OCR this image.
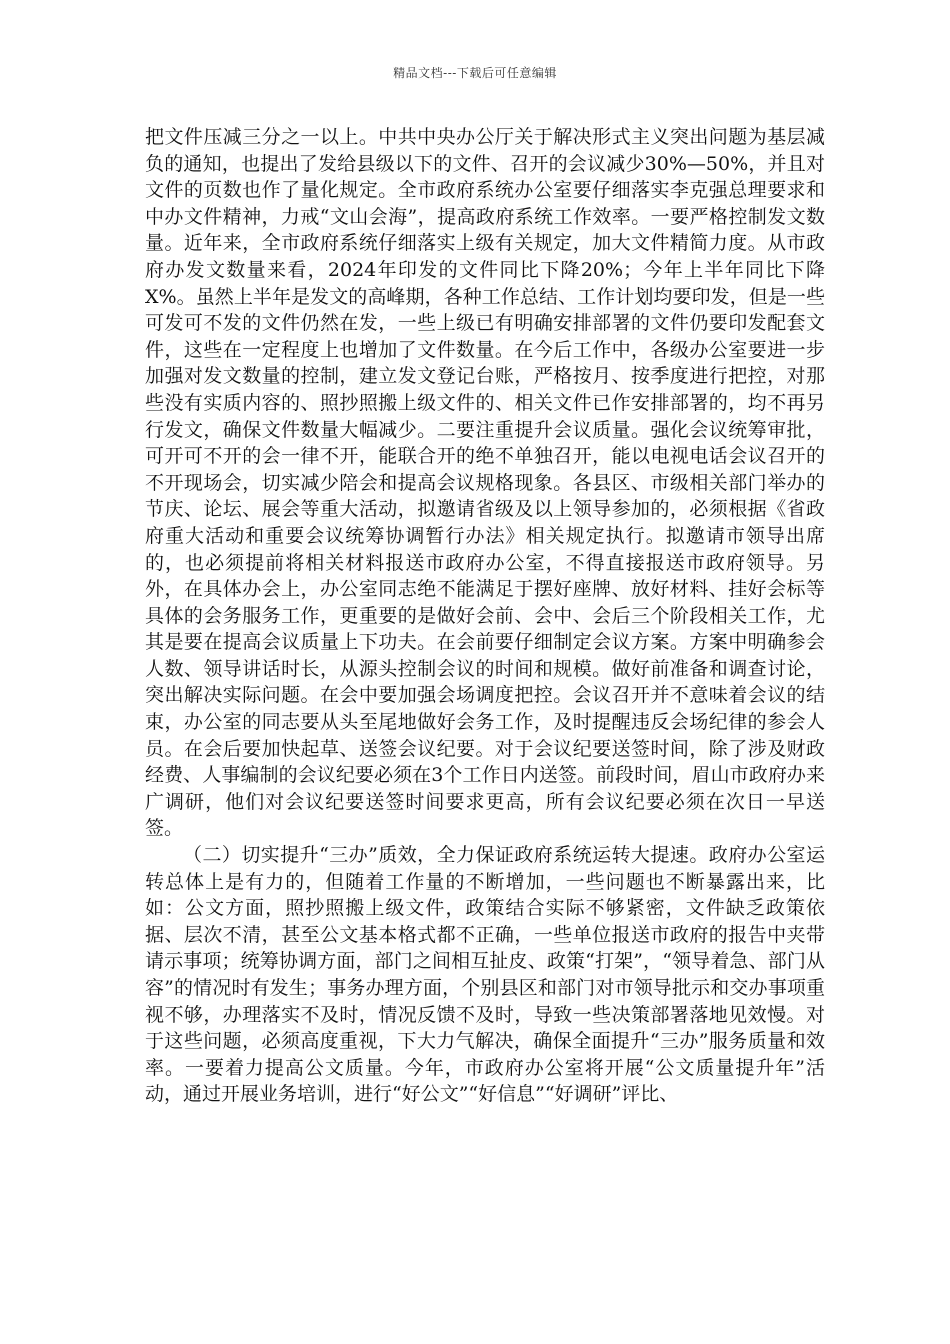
精品文档---下载后可任意编辑

把文件压减三分之一以上。中共中央办公厅关于解决形式主义突出问题为基层减负的通知，也提出了发给县级以下的文件、召开的会议减少30%—50%，并且对文件的页数也作了量化规定。全市政府系统办公室要仔细落实李克强总理要求和中办文件精神，力戒“文山会海”，提高政府系统工作效率。一要严格控制发文数量。近年来，全市政府系统仔细落实上级有关规定，加大文件精简力度。从市政府办发文数量来看，2024年印发的文件同比下降20%；今年上半年同比下降X%。虽然上半年是发文的高峰期，各种工作总结、工作计划均要印发，但是一些可发可不发的文件仍然在发，一些上级已有明确安排部署的文件仍要印发配套文件，这些在一定程度上也增加了文件数量。在今后工作中，各级办公室要进一步加强对发文数量的控制，建立发文登记台账，严格按月、按季度进行把控，对那些没有实质内容的、照抄照搬上级文件的、相关文件已作安排部署的，均不再另行发文，确保文件数量大幅减少。二要注重提升会议质量。强化会议统筹审批，可开可不开的会一律不开，能联合开的绝不单独召开，能以电视电话会议召开的不开现场会，切实减少陪会和提高会议规格现象。各县区、市级相关部门举办的节庆、论坛、展会等重大活动，拟邀请省级及以上领导参加的，必须根据《省政府重大活动和重要会议统筹协调暂行办法》相关规定执行。拟邀请市领导出席的，也必须提前将相关材料报送市政府办公室，不得直接报送市政府领导。另外，在具体办会上，办公室同志绝不能满足于摆好座牌、放好材料、挂好会标等具体的会务服务工作，更重要的是做好会前、会中、会后三个阶段相关工作，尤其是要在提高会议质量上下功夫。在会前要仔细制定会议方案。方案中明确参会人数、领导讲话时长，从源头控制会议的时间和规模。做好前准备和调查讨论，突出解决实际问题。在会中要加强会场调度把控。会议召开并不意味着会议的结束，办公室的同志要从头至尾地做好会务工作，及时提醒违反会场纪律的参会人员。在会后要加快起草、送签会议纪要。对于会议纪要送签时间，除了涉及财政经费、人事编制的会议纪要必须在3个工作日内送签。前段时间，眉山市政府办来广调研，他们对会议纪要送签时间要求更高，所有会议纪要必须在次日一早送签。

（二）切实提升“三办”质效，全力保证政府系统运转大提速。政府办公室运转总体上是有力的，但随着工作量的不断增加，一些问题也不断暴露出来，比如：公文方面，照抄照搬上级文件，政策结合实际不够紧密，文件缺乏政策依据、层次不清，甚至公文基本格式都不正确，一些单位报送市政府的报告中夹带请示事项；统筹协调方面，部门之间相互扯皮、政策“打架”，“领导着急、部门从容”的情况时有发生；事务办理方面，个别县区和部门对市领导批示和交办事项重视不够，办理落实不及时，情况反馈不及时，导致一些决策部署落地见效慢。对于这些问题，必须高度重视，下大力气解决，确保全面提升“三办”服务质量和效率。一要着力提高公文质量。今年，市政府办公室将开展“公文质量提升年”活动，通过开展业务培训，进行“好公文”“好信息”“好调研”评比、
